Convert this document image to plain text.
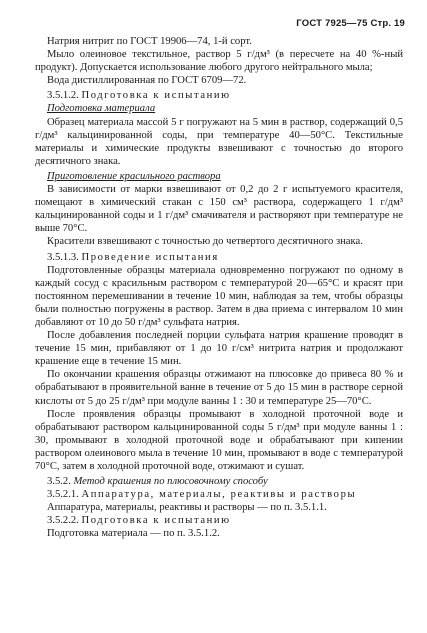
ГОСТ 7925—75 Стр. 19

Натрия нитрит по ГОСТ 19906—74, 1-й сорт.

Мыло олеиновое текстильное, раствор 5 г/дм³ (в пересчете на 40 %-ный продукт). Допускается использование любого другого нейтрального мыла;

Вода дистиллированная по ГОСТ 6709—72.

3.5.1.2. Подготовка к испытанию

Подготовка материала

Образец материала массой 5 г погружают на 5 мин в раствор, содержащий 0,5 г/дм³ кальцинированной соды, при температуре 40—50°С. Текстильные материалы и химические продукты взвешивают с точностью до второго десятичного знака.

Приготовление красильного раствора

В зависимости от марки взвешивают от 0,2 до 2 г испытуемого красителя, помещают в химический стакан с 150 см³ раствора, содержащего 1 г/дм³ кальцинированной соды и 1 г/дм³ смачивателя и растворяют при температуре не выше 70°С.

Красители взвешивают с точностью до четвертого десятичного знака.

3.5.1.3. Проведение испытания

Подготовленные образцы материала одновременно погружают по одному в каждый сосуд с красильным раствором с температурой 20—65°С и красят при постоянном перемешивании в течение 10 мин, наблюдая за тем, чтобы образцы были полностью погружены в раствор. Затем в два приема с интервалом 10 мин добавляют от 10 до 50 г/дм³ сульфата натрия.

После добавления последней порции сульфата натрия крашение проводят в течение 15 мин, прибавляют от 1 до 10 г/см³ нитрита натрия и продолжают крашение еще в течение 15 мин.

По окончании крашения образцы отжимают на плюсовке до привеса 80 % и обрабатывают в проявительной ванне в течение от 5 до 15 мин в растворе серной кислоты от 5 до 25 г/дм³ при модуле ванны 1 : 30 и температуре 25—70°С.

После проявления образцы промывают в холодной проточной воде и обрабатывают раствором кальцинированной соды 5 г/дм³ при модуле ванны 1 : 30, промывают в холодной проточной воде и обрабатывают при кипении раствором олеинового мыла в течение 10 мин, промывают в воде с температурой 70°С, затем в холодной проточной воде, отжимают и сушат.

3.5.2. Метод крашения по плюсовочному способу

3.5.2.1. Аппаратура, материалы, реактивы и растворы

Аппаратура, материалы, реактивы и растворы — по п. 3.5.1.1.

3.5.2.2. Подготовка к испытанию

Подготовка материала — по п. 3.5.1.2.
